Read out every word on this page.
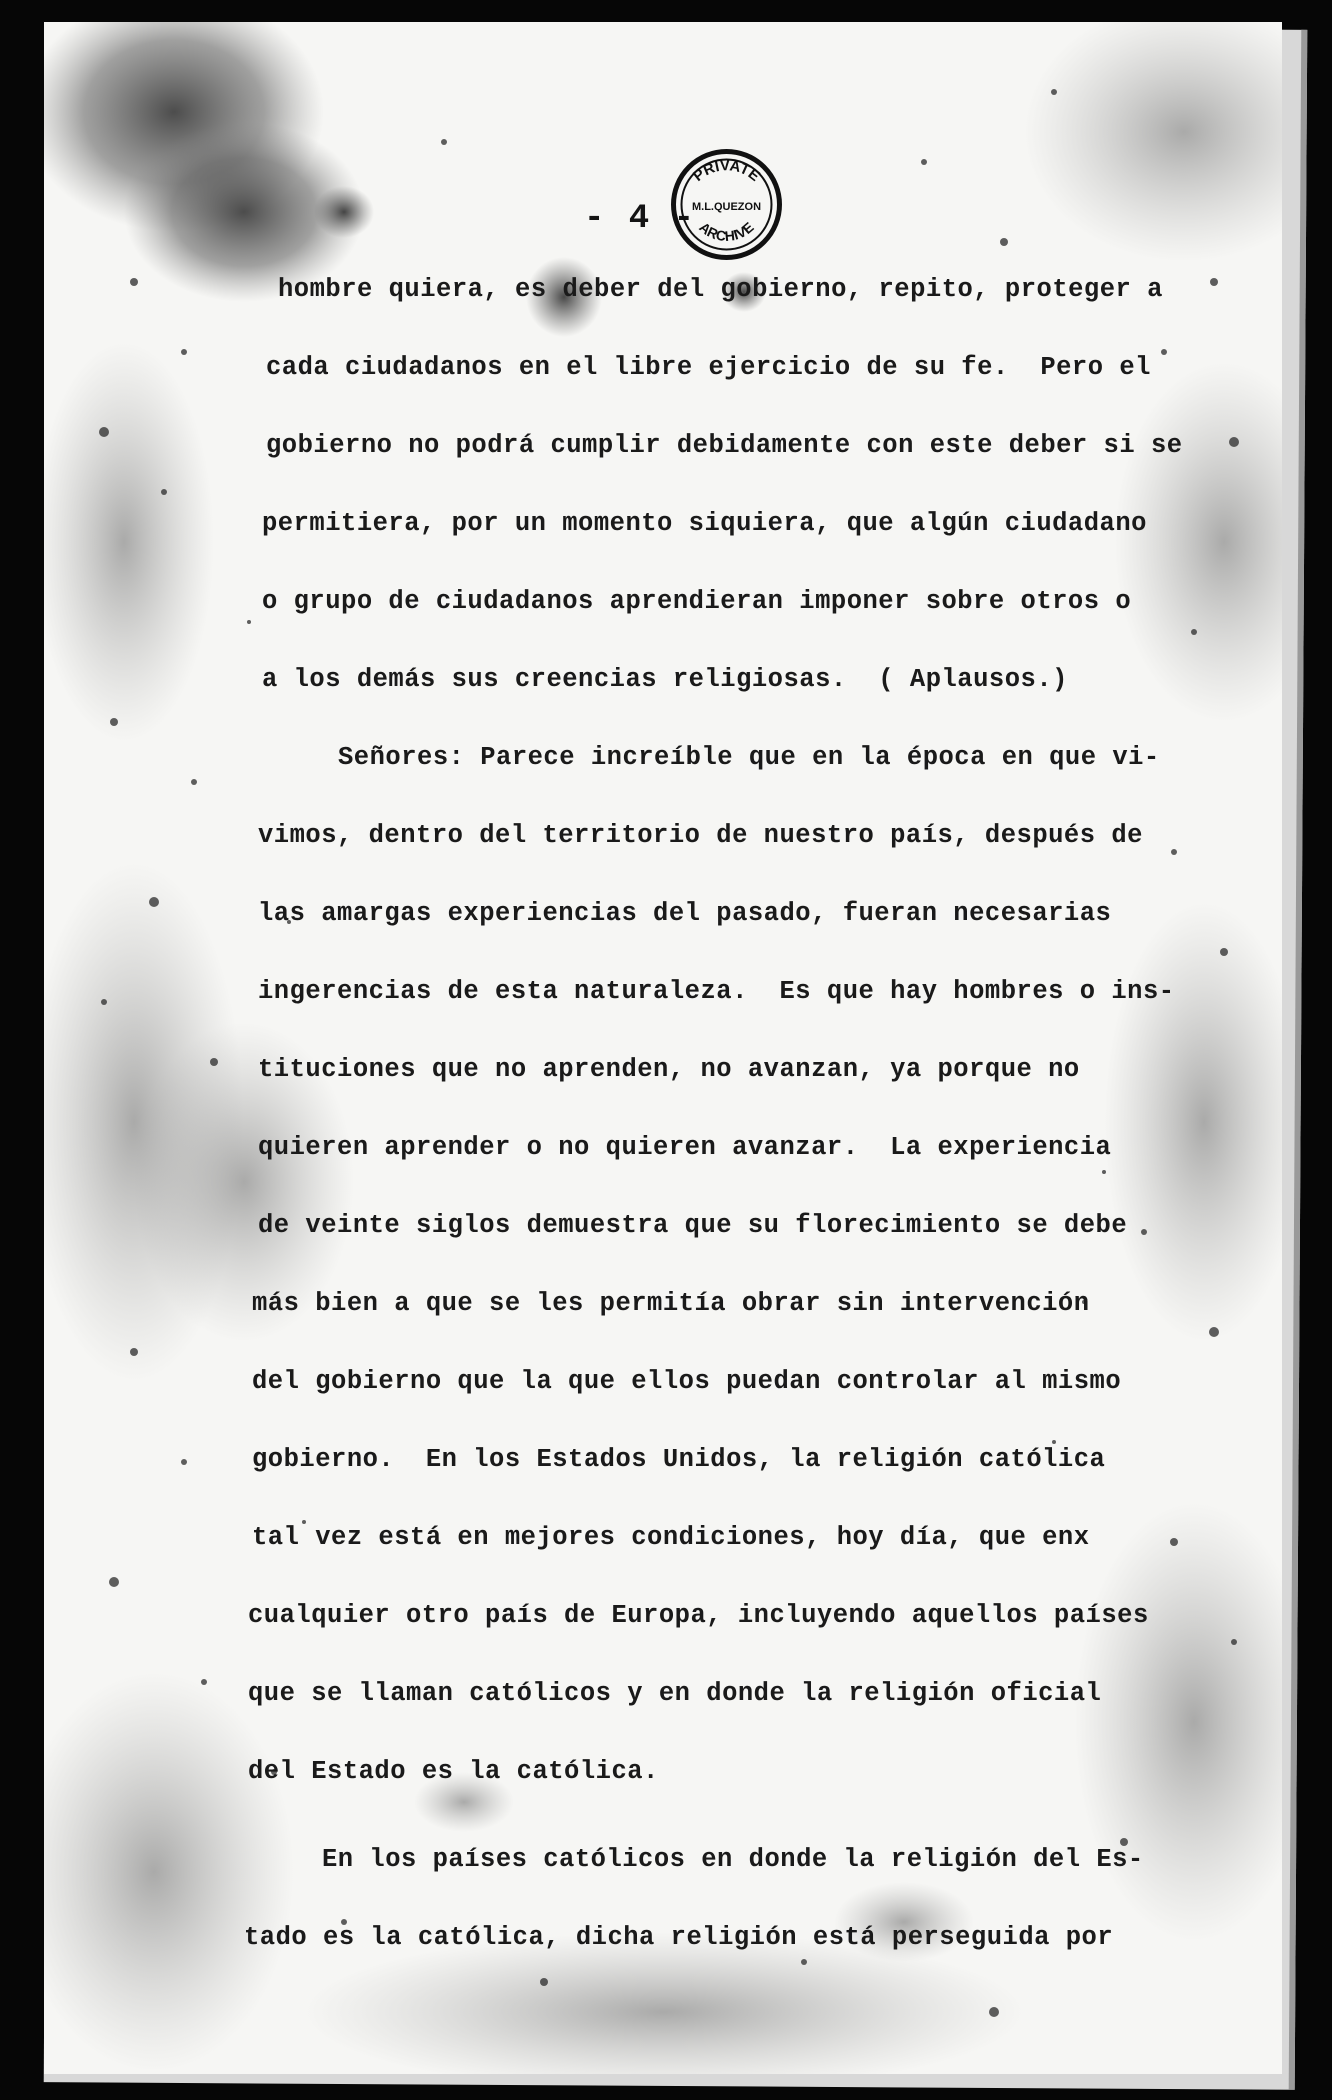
- 4 -
PRIVATE
M.L.QUEZON
ARCHIVE
hombre quiera, es deber del gobierno, repito, proteger a
cada ciudadanos en el libre ejercicio de su fe.  Pero el
gobierno no podrá cumplir debidamente con este deber si se
permitiera, por un momento siquiera, que algún ciudadano
o grupo de ciudadanos aprendieran imponer sobre otros o
a los demás sus creencias religiosas.  ( Aplausos.)
Señores: Parece increíble que en la época en que vi-
vimos, dentro del territorio de nuestro país, después de
las amargas experiencias del pasado, fueran necesarias
ingerencias de esta naturaleza.  Es que hay hombres o ins-
tituciones que no aprenden, no avanzan, ya porque no
quieren aprender o no quieren avanzar.  La experiencia
de veinte siglos demuestra que su florecimiento se debe
más bien a que se les permitía obrar sin intervención
del gobierno que la que ellos puedan controlar al mismo
gobierno.  En los Estados Unidos, la religión católica
tal vez está en mejores condiciones, hoy día, que enx
cualquier otro país de Europa, incluyendo aquellos países
que se llaman católicos y en donde la religión oficial
del Estado es la católica.
En los países católicos en donde la religión del Es-
tado es la católica, dicha religión está perseguida por
